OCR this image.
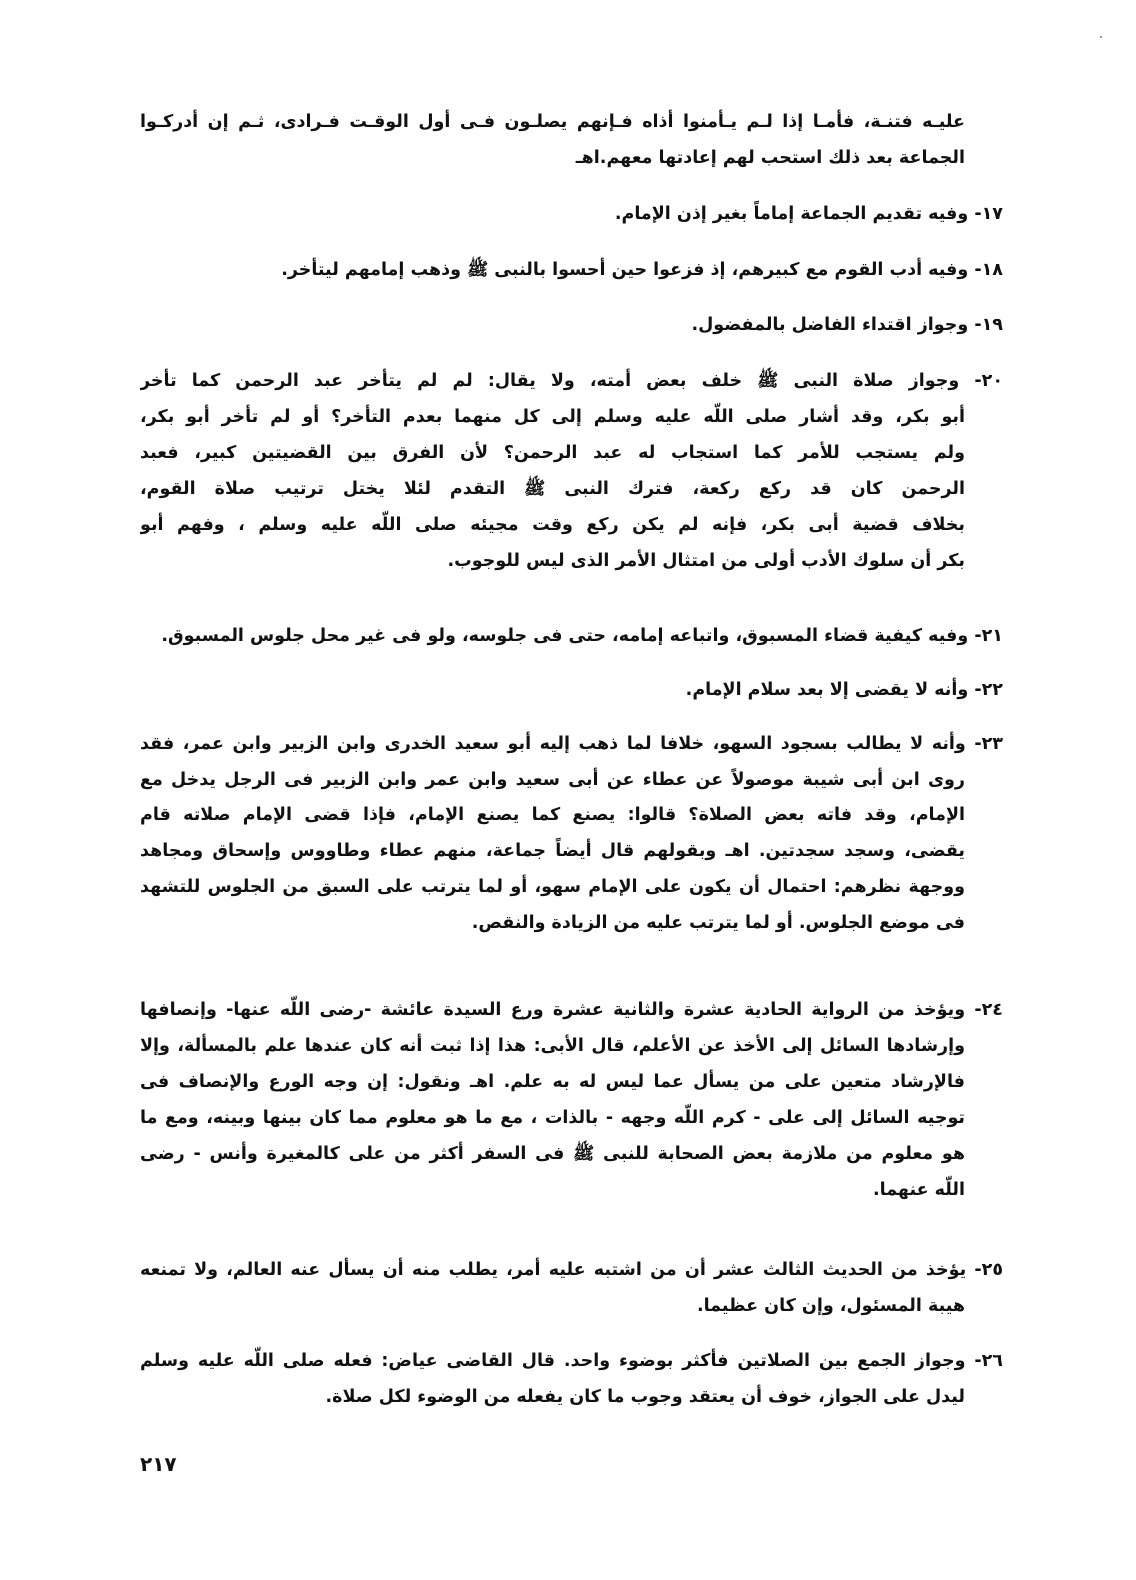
عليـه فتنـة، فأمـا إذا لـم يـأمنوا أذاه فـإنهم يصلـون فـى أول الوقـت فـرادى، ثـم إن أدركـوا
الجماعة بعد ذلك استحب لهم إعادتها معهم.اهـ
١٧- وفيه تقديم الجماعة إماماً بغير إذن الإمام.
١٨- وفيه أدب القوم مع كبيرهم، إذ فزعوا حين أحسوا بالنبى ﷺ وذهب إمامهم ليتأخر.
١٩- وجواز اقتداء الفاضل بالمفضول.
٢٠- وجواز صلاة النبى ﷺ خلف بعض أمته، ولا يقال: لم لم يتأخر عبد الرحمن كما تأخر
أبو بكر، وقد أشار صلى اللّه عليه وسلم إلى كل منهما بعدم التأخر؟ أو لم تأخر أبو بكر،
ولم يستجب للأمر كما استجاب له عبد الرحمن؟ لأن الفرق بين القضيتين كبير، فعبد
الرحمن كان قد ركع ركعة، فترك النبى ﷺ التقدم لئلا يختل ترتيب صلاة القوم،
بخلاف قضية أبى بكر، فإنه لم يكن ركع وقت مجيئه صلى اللّه عليه وسلم ، وفهم أبو
بكر أن سلوك الأدب أولى من امتثال الأمر الذى ليس للوجوب.
٢١- وفيه كيفية قضاء المسبوق، واتباعه إمامه، حتى فى جلوسه، ولو فى غير محل جلوس المسبوق.
٢٢- وأنه لا يقضى إلا بعد سلام الإمام.
٢٣- وأنه لا يطالب بسجود السهو، خلافا لما ذهب إليه أبو سعيد الخدرى وابن الزبير وابن عمر، فقد
روى ابن أبى شيبة موصولاً عن عطاء عن أبى سعيد وابن عمر وابن الزبير فى الرجل يدخل مع
الإمام، وقد فاته بعض الصلاة؟ قالوا: يصنع كما يصنع الإمام، فإذا قضى الإمام صلاته قام
يقضى، وسجد سجدتين. اهـ وبقولهم قال أيضاً جماعة، منهم عطاء وطاووس وإسحاق ومجاهد
ووجهة نظرهم: احتمال أن يكون على الإمام سهو، أو لما يترتب على السبق من الجلوس للتشهد
فى موضع الجلوس. أو لما يترتب عليه من الزيادة والنقص.
٢٤- ويؤخذ من الرواية الحادية عشرة والثانية عشرة ورع السيدة عائشة -رضى اللّه عنها- وإنصافها
وإرشادها السائل إلى الأخذ عن الأعلم، قال الأبى: هذا إذا ثبت أنه كان عندها علم بالمسألة، وإلا
فالإرشاد متعين على من يسأل عما ليس له به علم. اهـ ونقول: إن وجه الورع والإنصاف فى
توجيه السائل إلى على - كرم اللّه وجهه - بالذات ، مع ما هو معلوم مما كان بينها وبينه، ومع ما
هو معلوم من ملازمة بعض الصحابة للنبى ﷺ فى السفر أكثر من على كالمغيرة وأنس - رضى
اللّه عنهما.
٢٥- يؤخذ من الحديث الثالث عشر أن من اشتبه عليه أمر، يطلب منه أن يسأل عنه العالم، ولا تمنعه
هيبة المسئول، وإن كان عظيما.
٢٦- وجواز الجمع بين الصلاتين فأكثر بوضوء واحد. قال القاضى عياض: فعله صلى اللّه عليه وسلم
ليدل على الجواز، خوف أن يعتقد وجوب ما كان يفعله من الوضوء لكل صلاة.
٢١٧
